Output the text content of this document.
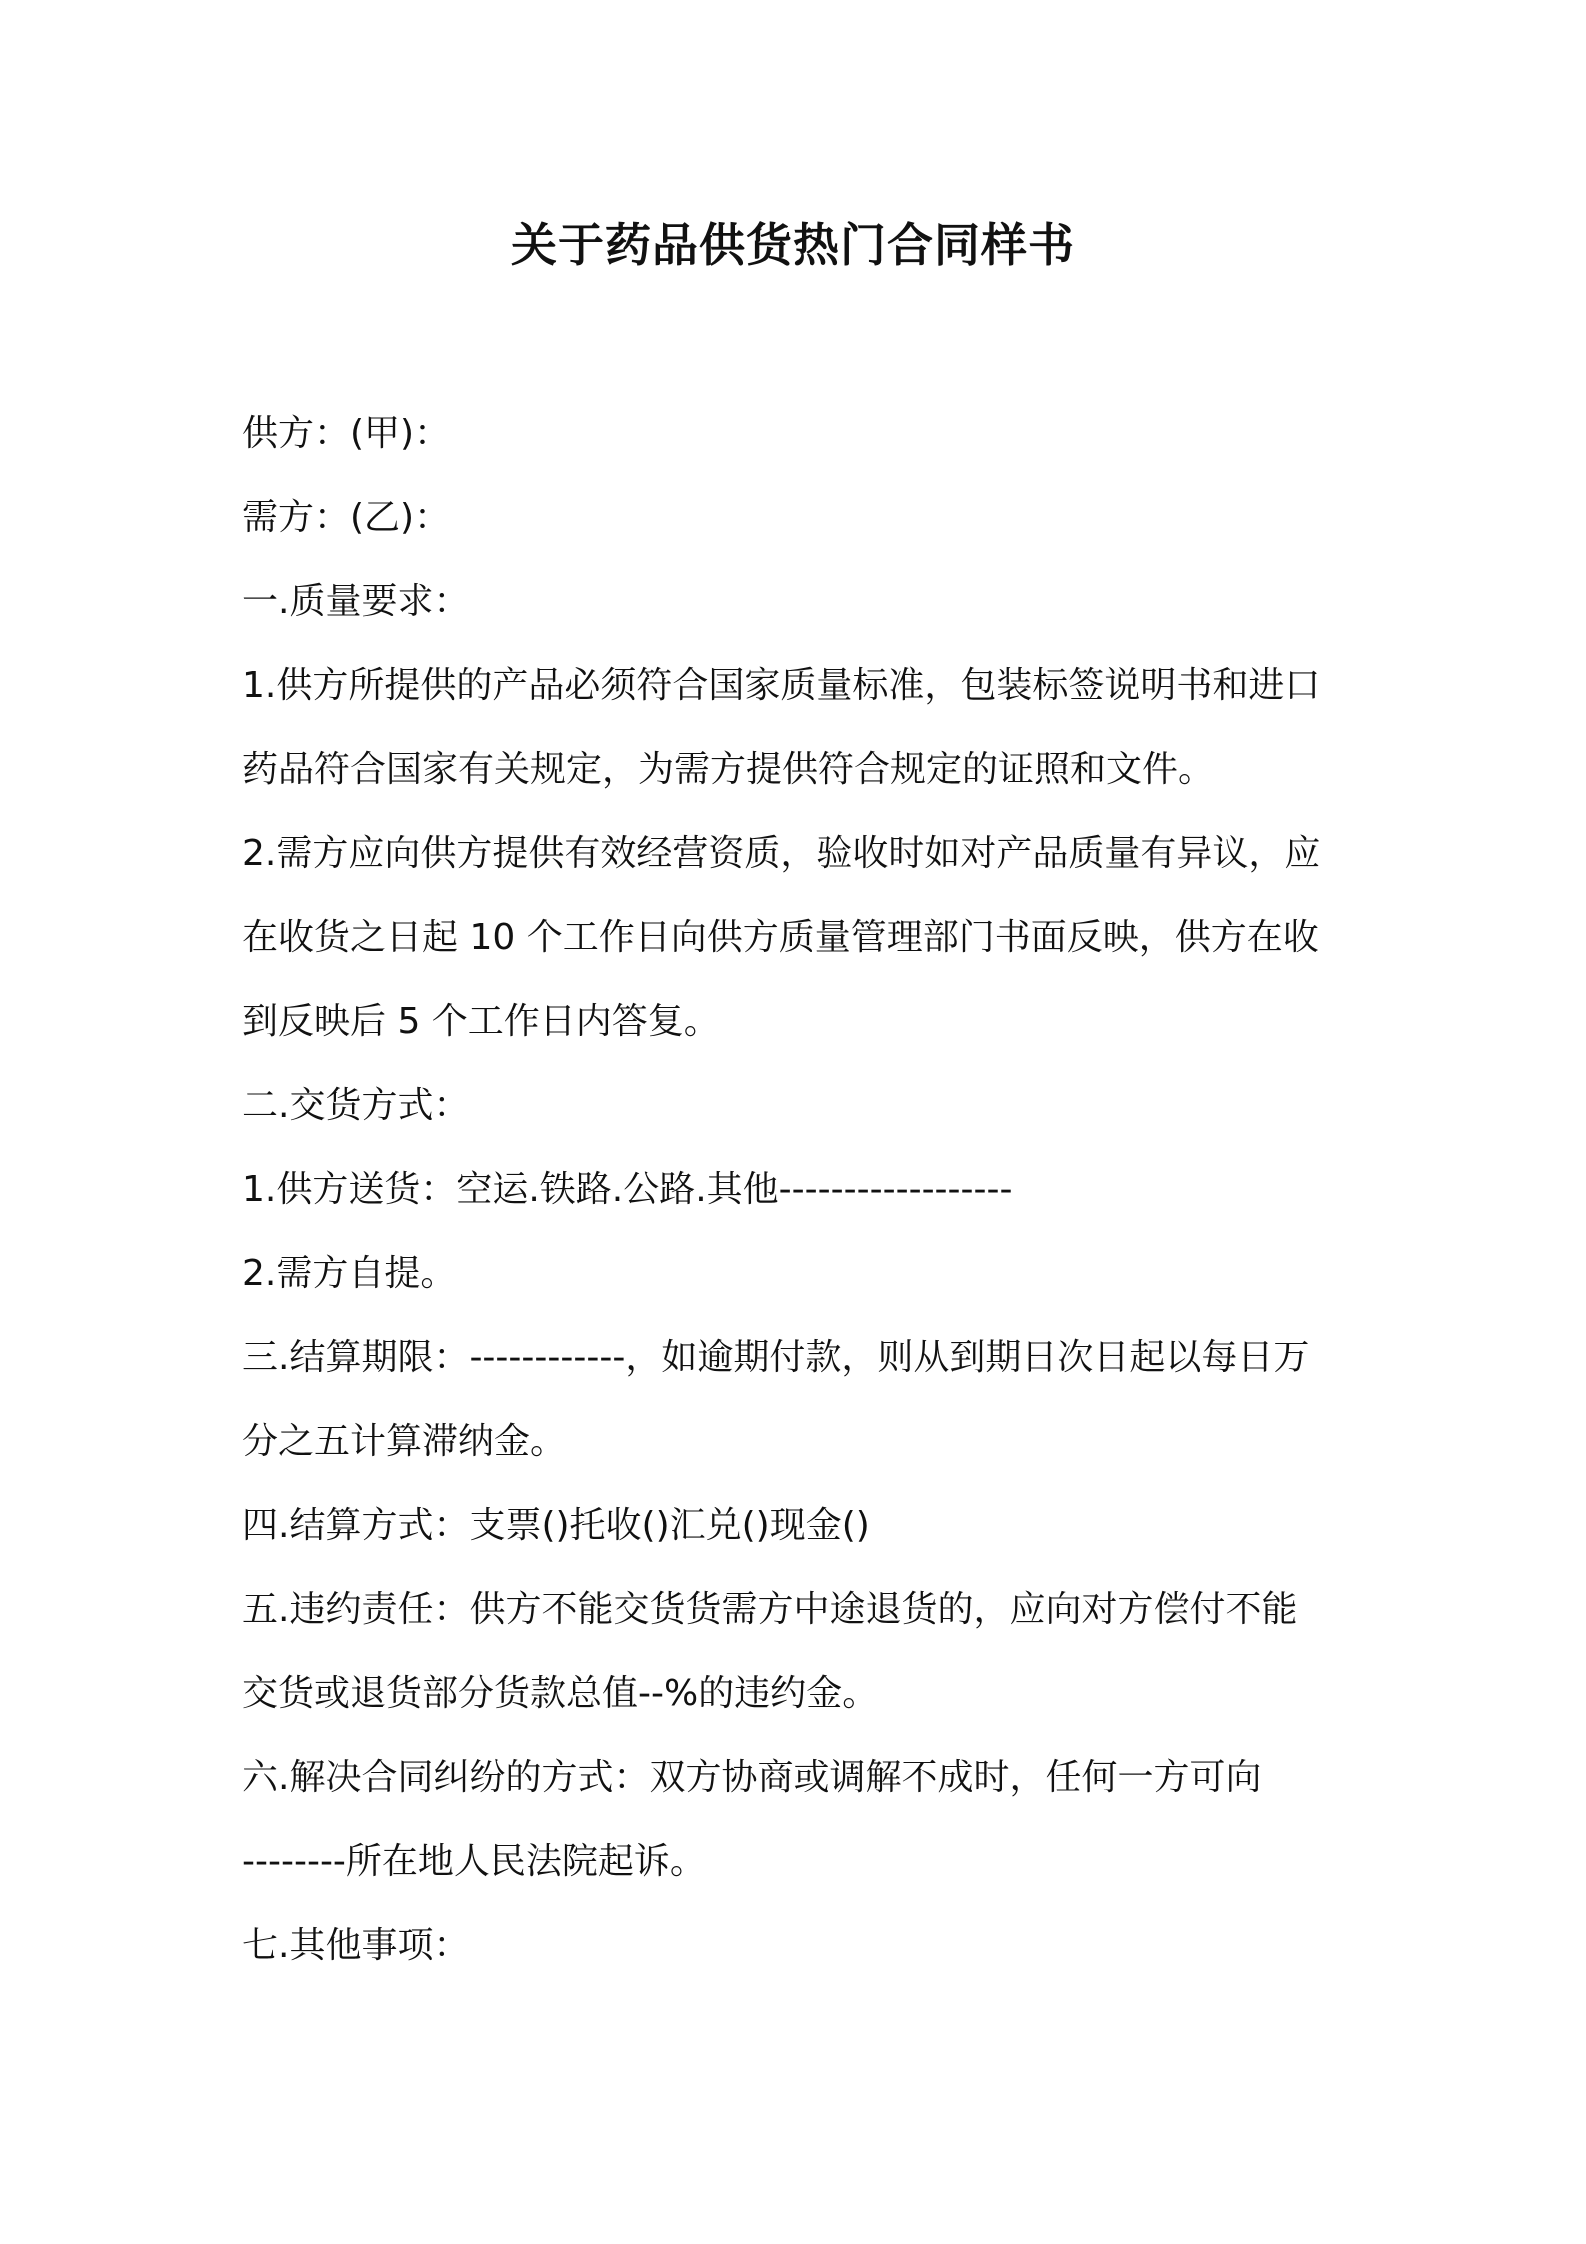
关于药品供货热门合同样书

供方：(甲)：

需方：(乙)：

一.质量要求：

1.供方所提供的产品必须符合国家质量标准，包装标签说明书和进口

药品符合国家有关规定，为需方提供符合规定的证照和文件。

2.需方应向供方提供有效经营资质，验收时如对产品质量有异议，应

在收货之日起 10 个工作日向供方质量管理部门书面反映，供方在收

到反映后 5 个工作日内答复。

二.交货方式：

1.供方送货：空运.铁路.公路.其他------------------

2.需方自提。

三.结算期限：------------，如逾期付款，则从到期日次日起以每日万

分之五计算滞纳金。

四.结算方式：支票()托收()汇兑()现金()

五.违约责任：供方不能交货货需方中途退货的，应向对方偿付不能

交货或退货部分货款总值--%的违约金。

六.解决合同纠纷的方式：双方协商或调解不成时，任何一方可向

--------所在地人民法院起诉。

七.其他事项：
